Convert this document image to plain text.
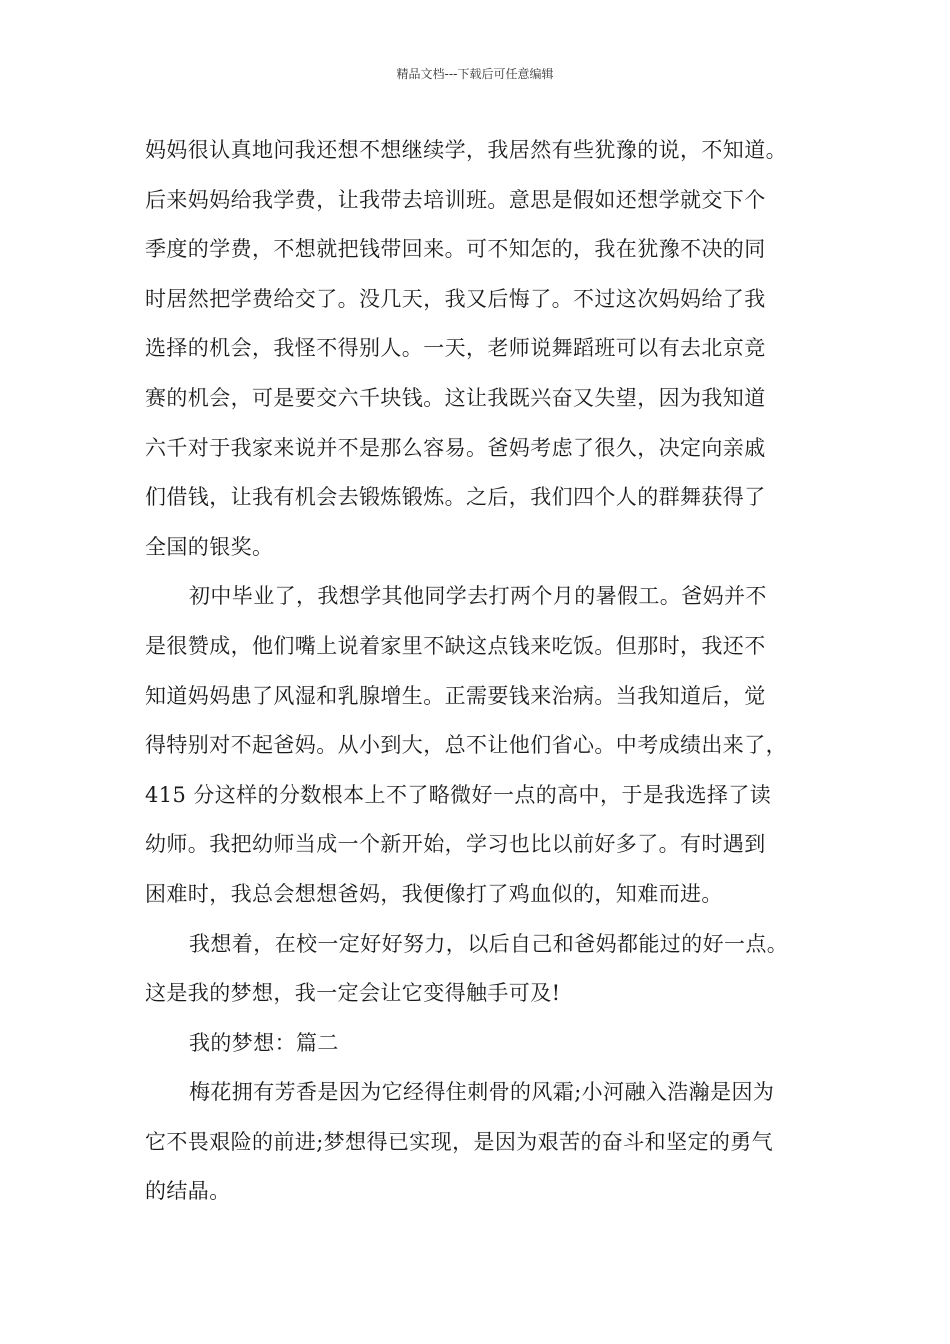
精品文档---下载后可任意编辑
妈妈很认真地问我还想不想继续学，我居然有些犹豫的说，不知道。
后来妈妈给我学费，让我带去培训班。意思是假如还想学就交下个
季度的学费，不想就把钱带回来。可不知怎的，我在犹豫不决的同
时居然把学费给交了。没几天，我又后悔了。不过这次妈妈给了我
选择的机会，我怪不得别人。一天，老师说舞蹈班可以有去北京竞
赛的机会，可是要交六千块钱。这让我既兴奋又失望，因为我知道
六千对于我家来说并不是那么容易。爸妈考虑了很久，决定向亲戚
们借钱，让我有机会去锻炼锻炼。之后，我们四个人的群舞获得了
全国的银奖。
初中毕业了，我想学其他同学去打两个月的暑假工。爸妈并不
是很赞成，他们嘴上说着家里不缺这点钱来吃饭。但那时，我还不
知道妈妈患了风湿和乳腺增生。正需要钱来治病。当我知道后，觉
得特别对不起爸妈。从小到大，总不让他们省心。中考成绩出来了，
415 分这样的分数根本上不了略微好一点的高中，于是我选择了读
幼师。我把幼师当成一个新开始，学习也比以前好多了。有时遇到
困难时，我总会想想爸妈，我便像打了鸡血似的，知难而进。
我想着，在校一定好好努力，以后自己和爸妈都能过的好一点。
这是我的梦想，我一定会让它变得触手可及!
我的梦想：篇二
梅花拥有芳香是因为它经得住刺骨的风霜;小河融入浩瀚是因为
它不畏艰险的前进;梦想得已实现，是因为艰苦的奋斗和坚定的勇气
的结晶。
